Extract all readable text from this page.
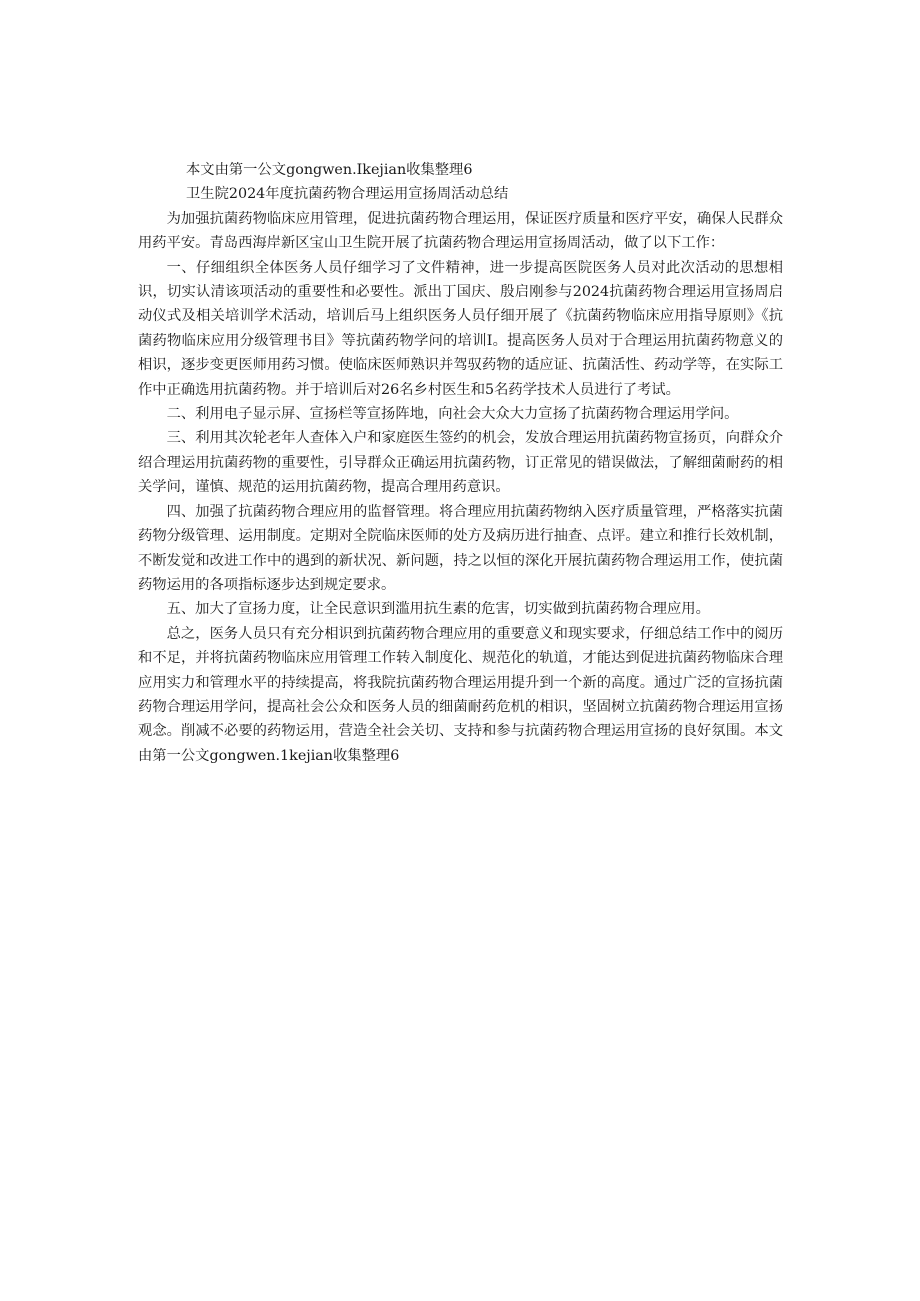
本文由第一公文gongwen.Ikejian收集整理6

卫生院2024年度抗菌药物合理运用宣扬周活动总结

为加强抗菌药物临床应用管理，促进抗菌药物合理运用，保证医疗质量和医疗平安，确保人民群众用药平安。青岛西海岸新区宝山卫生院开展了抗菌药物合理运用宣扬周活动，做了以下工作：

一、仔细组织全体医务人员仔细学习了文件精神，进一步提高医院医务人员对此次活动的思想相识，切实认清该项活动的重要性和必要性。派出丁国庆、殷启刚参与2024抗菌药物合理运用宣扬周启动仪式及相关培训学术活动，培训后马上组织医务人员仔细开展了《抗菌药物临床应用指导原则》《抗菌药物临床应用分级管理书目》等抗菌药物学问的培训I。提高医务人员对于合理运用抗菌药物意义的相识，逐步变更医师用药习惯。使临床医师熟识并驾驭药物的适应证、抗菌活性、药动学等，在实际工作中正确选用抗菌药物。并于培训后对26名乡村医生和5名药学技术人员进行了考试。

二、利用电子显示屏、宣扬栏等宣扬阵地，向社会大众大力宣扬了抗菌药物合理运用学问。

三、利用其次轮老年人查体入户和家庭医生签约的机会，发放合理运用抗菌药物宣扬页，向群众介绍合理运用抗菌药物的重要性，引导群众正确运用抗菌药物，订正常见的错误做法，了解细菌耐药的相关学问，谨慎、规范的运用抗菌药物，提高合理用药意识。

四、加强了抗菌药物合理应用的监督管理。将合理应用抗菌药物纳入医疗质量管理，严格落实抗菌药物分级管理、运用制度。定期对全院临床医师的处方及病历进行抽查、点评。建立和推行长效机制，不断发觉和改进工作中的遇到的新状况、新问题，持之以恒的深化开展抗菌药物合理运用工作，使抗菌药物运用的各项指标逐步达到规定要求。

五、加大了宣扬力度，让全民意识到滥用抗生素的危害，切实做到抗菌药物合理应用。

总之，医务人员只有充分相识到抗菌药物合理应用的重要意义和现实要求，仔细总结工作中的阅历和不足，并将抗菌药物临床应用管理工作转入制度化、规范化的轨道，才能达到促进抗菌药物临床合理应用实力和管理水平的持续提高，将我院抗菌药物合理运用提升到一个新的高度。通过广泛的宣扬抗菌药物合理运用学问，提高社会公众和医务人员的细菌耐药危机的相识，坚固树立抗菌药物合理运用宣扬观念。削减不必要的药物运用，营造全社会关切、支持和参与抗菌药物合理运用宣扬的良好氛围。本文由第一公文gongwen.1kejian收集整理6
